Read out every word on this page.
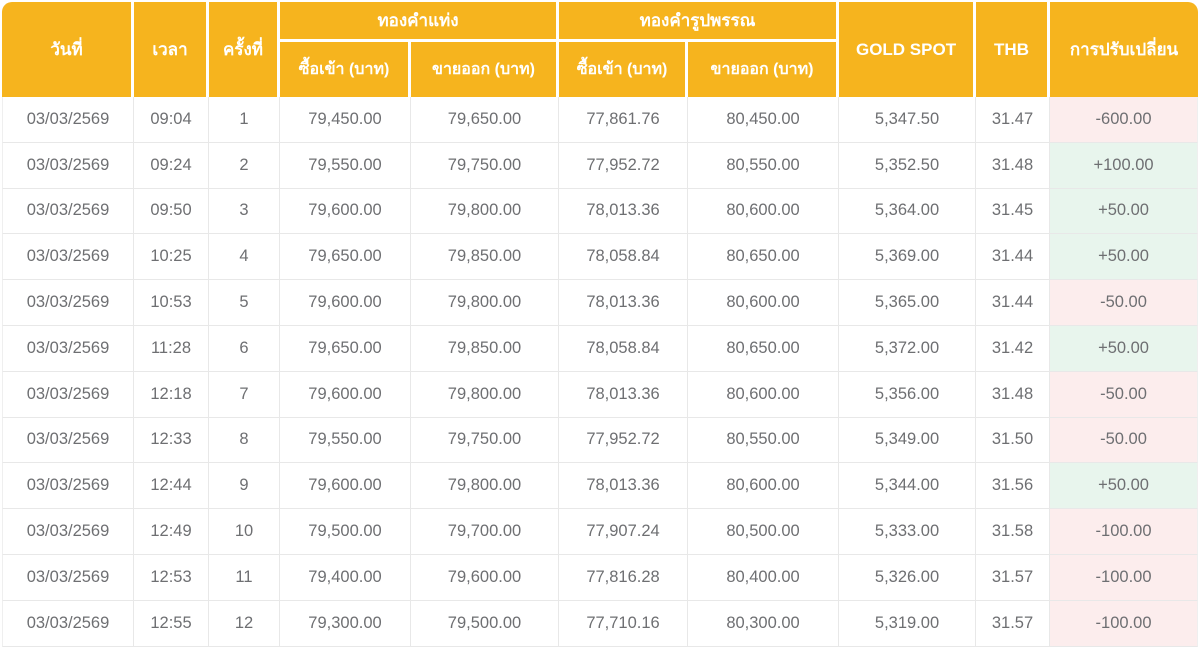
วันที่	เวลา	ครั้งที่	ทองคำแท่ง		ทองคำรูปพรรณ		GOLD SPOT	THB	การปรับเปลี่ยน
			ซื้อเข้า (บาท)	ขายออก (บาท)	ซื้อเข้า (บาท)	ขายออก (บาท)			
03/03/2569	09:04	1	79,450.00	79,650.00	77,861.76	80,450.00	5,347.50	31.47	-600.00
03/03/2569	09:24	2	79,550.00	79,750.00	77,952.72	80,550.00	5,352.50	31.48	+100.00
03/03/2569	09:50	3	79,600.00	79,800.00	78,013.36	80,600.00	5,364.00	31.45	+50.00
03/03/2569	10:25	4	79,650.00	79,850.00	78,058.84	80,650.00	5,369.00	31.44	+50.00
03/03/2569	10:53	5	79,600.00	79,800.00	78,013.36	80,600.00	5,365.00	31.44	-50.00
03/03/2569	11:28	6	79,650.00	79,850.00	78,058.84	80,650.00	5,372.00	31.42	+50.00
03/03/2569	12:18	7	79,600.00	79,800.00	78,013.36	80,600.00	5,356.00	31.48	-50.00
03/03/2569	12:33	8	79,550.00	79,750.00	77,952.72	80,550.00	5,349.00	31.50	-50.00
03/03/2569	12:44	9	79,600.00	79,800.00	78,013.36	80,600.00	5,344.00	31.56	+50.00
03/03/2569	12:49	10	79,500.00	79,700.00	77,907.24	80,500.00	5,333.00	31.58	-100.00
03/03/2569	12:53	11	79,400.00	79,600.00	77,816.28	80,400.00	5,326.00	31.57	-100.00
03/03/2569	12:55	12	79,300.00	79,500.00	77,710.16	80,300.00	5,319.00	31.57	-100.00
